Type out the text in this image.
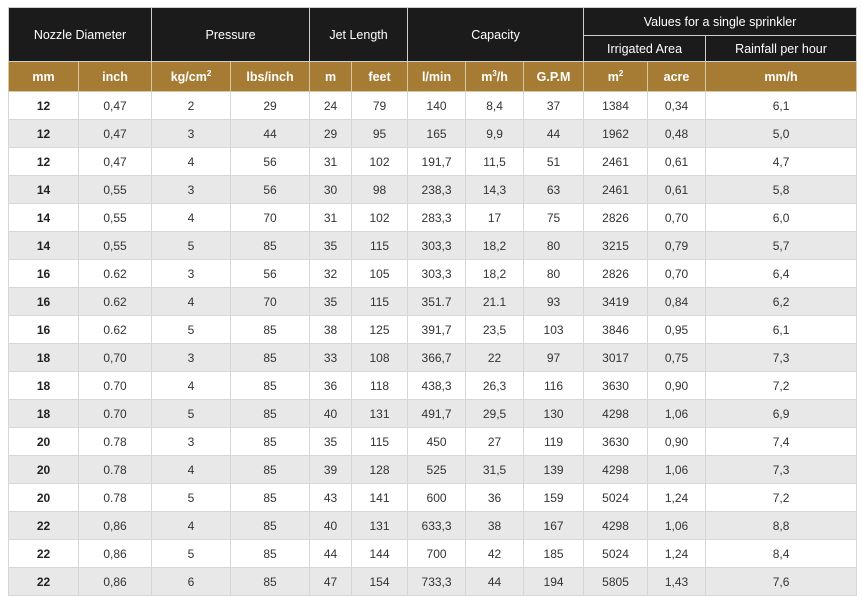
Nozzle Diameter		Pressure		Jet Length		Capacity			Values for a single sprinkler		
									Irrigated Area		Rainfall per hour
mm	inch	$kg/cm^2$	lbs/inch	m	feet	l/min	$m^3/h$	G.P.M	$m^2$	acre	mm/h
12	0,47	2	29	24	79	140	8,4	37	1384	0,34	6,1
12	0,47	3	44	29	95	165	9,9	44	1962	0,48	5,0
12	0,47	4	56	31	102	191,7	11,5	51	2461	0,61	4,7
14	0,55	3	56	30	98	238,3	14,3	63	2461	0,61	5,8
14	0,55	4	70	31	102	283,3	17	75	2826	0,70	6,0
14	0,55	5	85	35	115	303,3	18,2	80	3215	0,79	5,7
16	0.62	3	56	32	105	303,3	18,2	80	2826	0,70	6,4
16	0.62	4	70	35	115	351.7	21.1	93	3419	0,84	6,2
16	0.62	5	85	38	125	391,7	23,5	103	3846	0,95	6,1
18	0,70	3	85	33	108	366,7	22	97	3017	0,75	7,3
18	0.70	4	85	36	118	438,3	26,3	116	3630	0,90	7,2
18	0.70	5	85	40	131	491,7	29,5	130	4298	1,06	6,9
20	0.78	3	85	35	115	450	27	119	3630	0,90	7,4
20	0.78	4	85	39	128	525	31,5	139	4298	1,06	7,3
20	0.78	5	85	43	141	600	36	159	5024	1,24	7,2
22	0,86	4	85	40	131	633,3	38	167	4298	1,06	8,8
22	0,86	5	85	44	144	700	42	185	5024	1,24	8,4
22	0,86	6	85	47	154	733,3	44	194	5805	1,43	7,6
